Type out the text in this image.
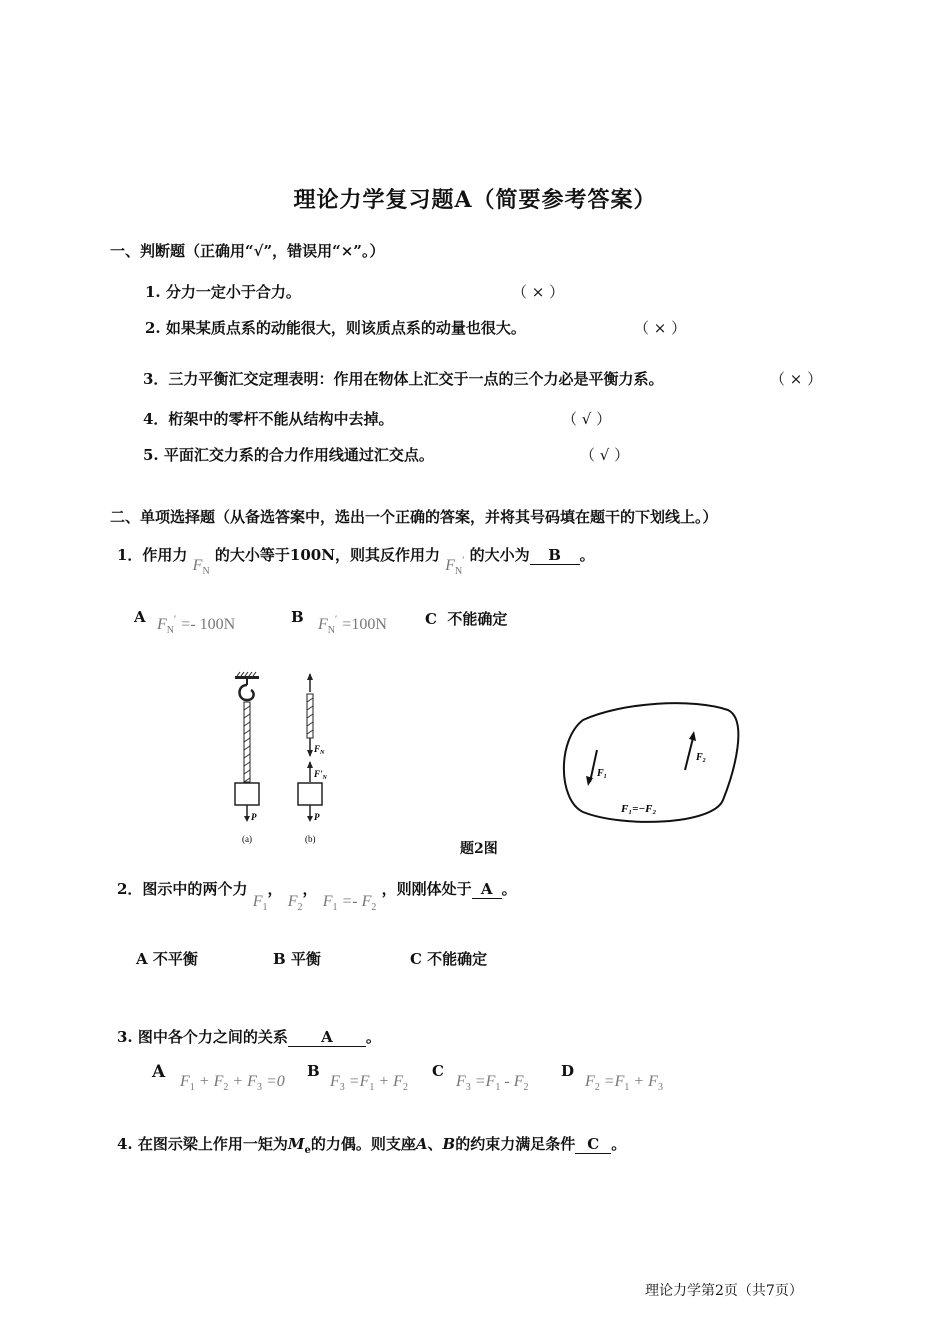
理论力学复习题A（简要参考答案）
一、判断题（正确用“√”，错误用“×”。）
1. 分力一定小于合力。	（ × ）
2. 如果某质点系的动能很大，则该质点系的动量也很大。	（ × ）
3．三力平衡汇交定理表明：作用在物体上汇交于一点的三个力必是平衡力系。	（ × ）
4．桁架中的零杆不能从结构中去掉。	（ √ ）
5. 平面汇交力系的合力作用线通过汇交点。	（ √ ）
二、单项选择题（从备选答案中，选出一个正确的答案，并将其号码填在题干的下划线上。）
1．作用力 $F_N$ 的大小等于100N，则其反作用力 $F_N'$ 的大小为 B 。
A $F_N' =- 100N$	B $F_N' =100N$	C 不能确定
P
(a)
$F_N$
$F'_N$
P
(b)
$F_1$
$F_2$
F₁=−F₂
题2图
2．图示中的两个力 $F_1$， $F_2$， $F_1 =- F_2$ ，则刚体处于 A 。
A 不平衡	B 平衡	C 不能确定
3. 图中各个力之间的关系 A 。
A $F_1 + F_2 + F_3 =0$
B
$F_3 =F_1 + F_2$
C
$F_3 =F_1 - F_2$
D
$F_2 =F_1 + F_3$
4. 在图示梁上作用一矩为$M_e$的力偶。则支座A、B的约束力满足条件 C 。
理论力学第2页（共7页）
